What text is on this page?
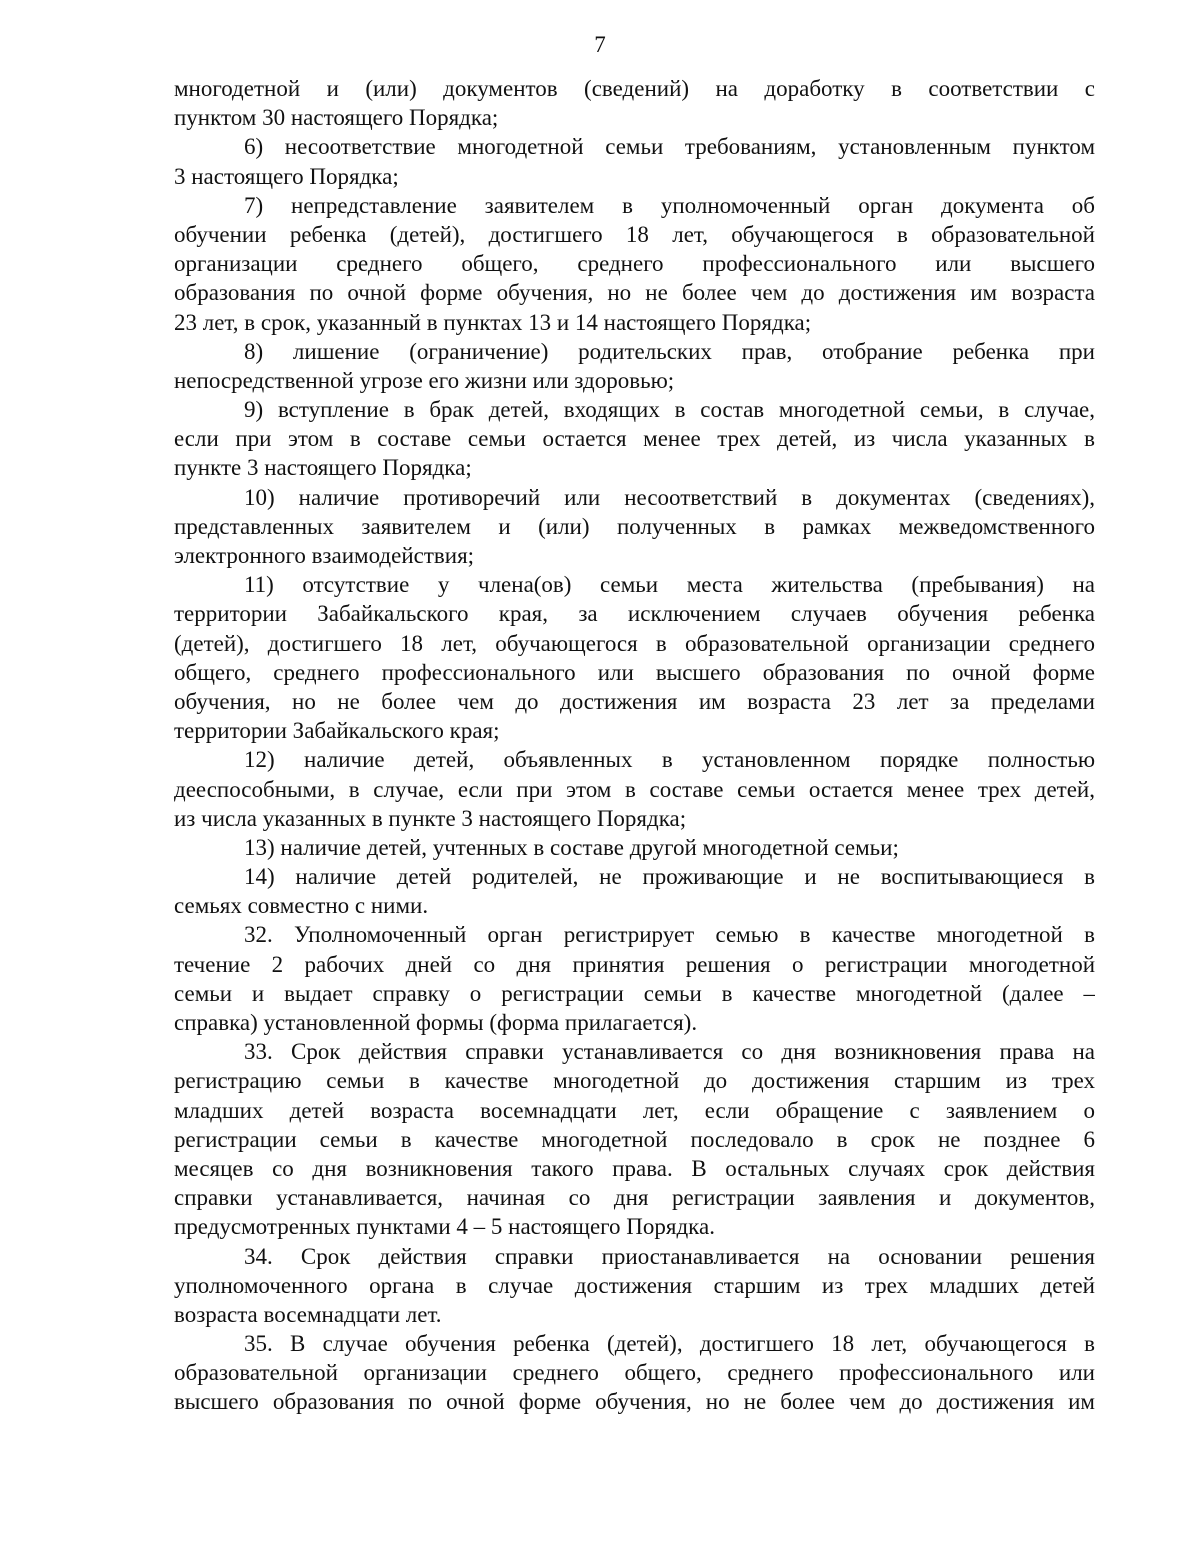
7
многодетной и (или) документов (сведений) на доработку в соответствии с
пунктом 30 настоящего Порядка;
6) несоответствие многодетной семьи требованиям, установленным пунктом
3 настоящего Порядка;
7) непредставление заявителем в уполномоченный орган документа об
обучении ребенка (детей), достигшего 18 лет, обучающегося в образовательной
организации среднего общего, среднего профессионального или высшего
образования по очной форме обучения, но не более чем до достижения им возраста
23 лет, в срок, указанный в пунктах 13 и 14 настоящего Порядка;
8) лишение (ограничение) родительских прав, отобрание ребенка при
непосредственной угрозе его жизни или здоровью;
9) вступление в брак детей, входящих в состав многодетной семьи, в случае,
если при этом в составе семьи остается менее трех детей, из числа указанных в
пункте 3 настоящего Порядка;
10) наличие противоречий или несоответствий в документах (сведениях),
представленных заявителем и (или) полученных в рамках межведомственного
электронного взаимодействия;
11) отсутствие у члена(ов) семьи места жительства (пребывания) на
территории Забайкальского края, за исключением случаев обучения ребенка
(детей), достигшего 18 лет, обучающегося в образовательной организации среднего
общего, среднего профессионального или высшего образования по очной форме
обучения, но не более чем до достижения им возраста 23 лет за пределами
территории Забайкальского края;
12) наличие детей, объявленных в установленном порядке полностью
дееспособными, в случае, если при этом в составе семьи остается менее трех детей,
из числа указанных в пункте 3 настоящего Порядка;
13) наличие детей, учтенных в составе другой многодетной семьи;
14) наличие детей родителей, не проживающие и не воспитывающиеся в
семьях совместно с ними.
32. Уполномоченный орган регистрирует семью в качестве многодетной в
течение 2 рабочих дней со дня принятия решения о регистрации многодетной
семьи и выдает справку о регистрации семьи в качестве многодетной (далее –
справка) установленной формы (форма прилагается).
33. Срок действия справки устанавливается со дня возникновения права на
регистрацию семьи в качестве многодетной до достижения старшим из трех
младших детей возраста восемнадцати лет, если обращение с заявлением о
регистрации семьи в качестве многодетной последовало в срок не позднее 6
месяцев со дня возникновения такого права. В остальных случаях срок действия
справки устанавливается, начиная со дня регистрации заявления и документов,
предусмотренных пунктами 4 – 5 настоящего Порядка.
34. Срок действия справки приостанавливается на основании решения
уполномоченного органа в случае достижения старшим из трех младших детей
возраста восемнадцати лет.
35. В случае обучения ребенка (детей), достигшего 18 лет, обучающегося в
образовательной организации среднего общего, среднего профессионального или
высшего образования по очной форме обучения, но не более чем до достижения им
